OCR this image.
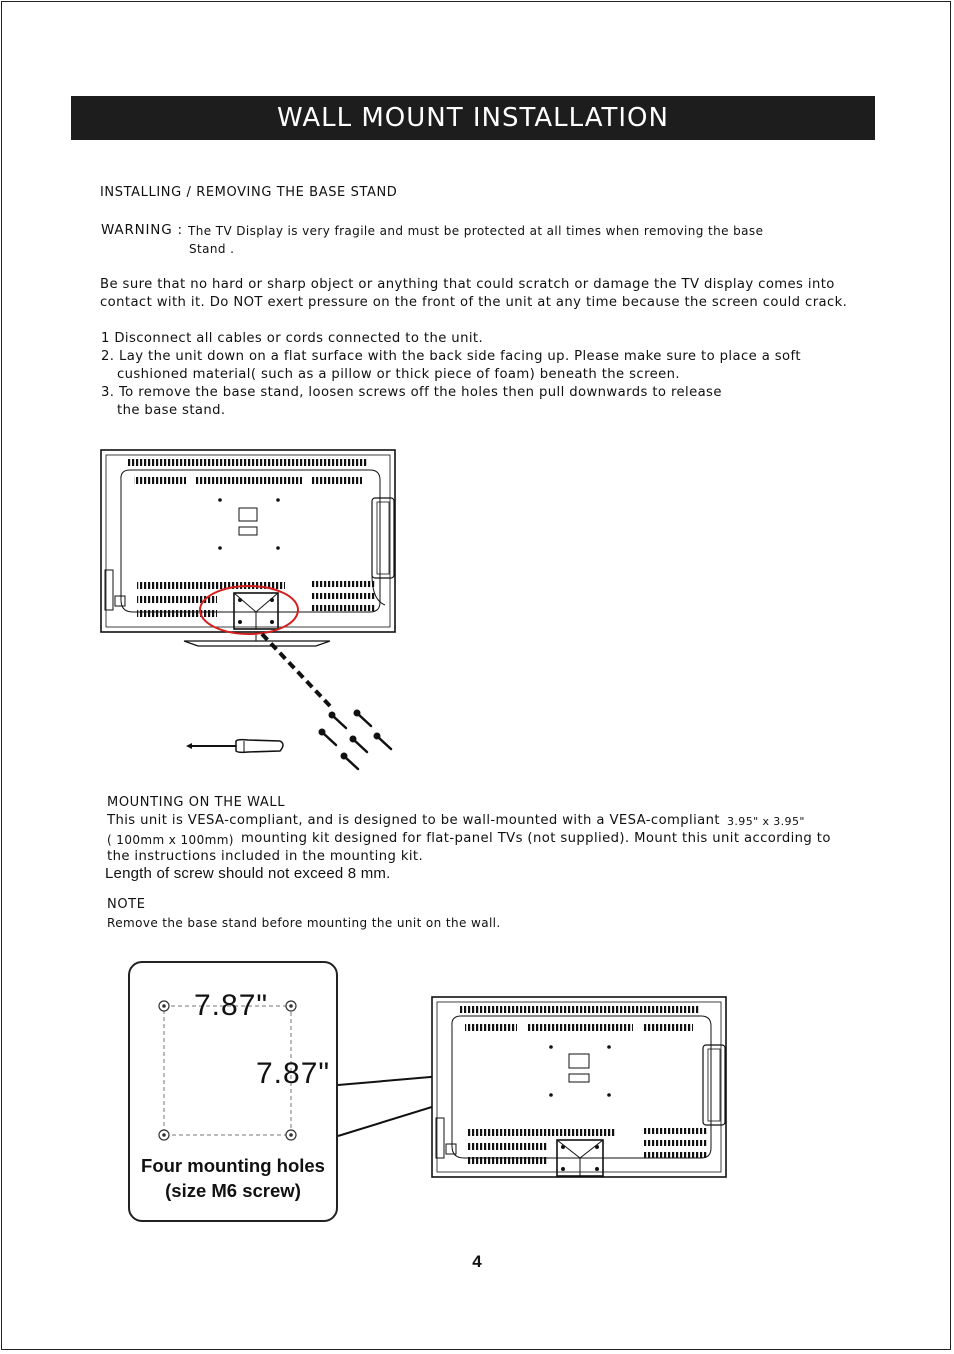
WALL MOUNT INSTALLATION
INSTALLING / REMOVING THE BASE STAND
WARNING : The TV Display is very fragile and must be protected at all times when removing the base
Stand .
Be sure that no hard or sharp object or anything that could scratch or damage the TV display comes into
contact with it. Do NOT exert pressure on the front of the unit at any time because the screen could crack.
1 Disconnect all cables or cords connected to the unit.
2. Lay the unit down on a flat surface with the back side facing up. Please make sure to place a soft
cushioned material( such as a pillow or thick piece of foam) beneath the screen.
3. To remove the base stand, loosen screws off the holes then pull downwards to release
the base stand.
MOUNTING ON THE WALL
This unit is VESA-compliant, and is designed to be wall-mounted with a VESA-compliant 3.95" x 3.95"
( 100mm x 100mm) mounting kit designed for flat-panel TVs (not supplied). Mount this unit according to
the instructions included in the mounting kit.
Length of screw should not exceed 8 mm.
NOTE
Remove the base stand before mounting the unit on the wall.
7.87"
7.87"
Four mounting holes
(size M6 screw)
4
